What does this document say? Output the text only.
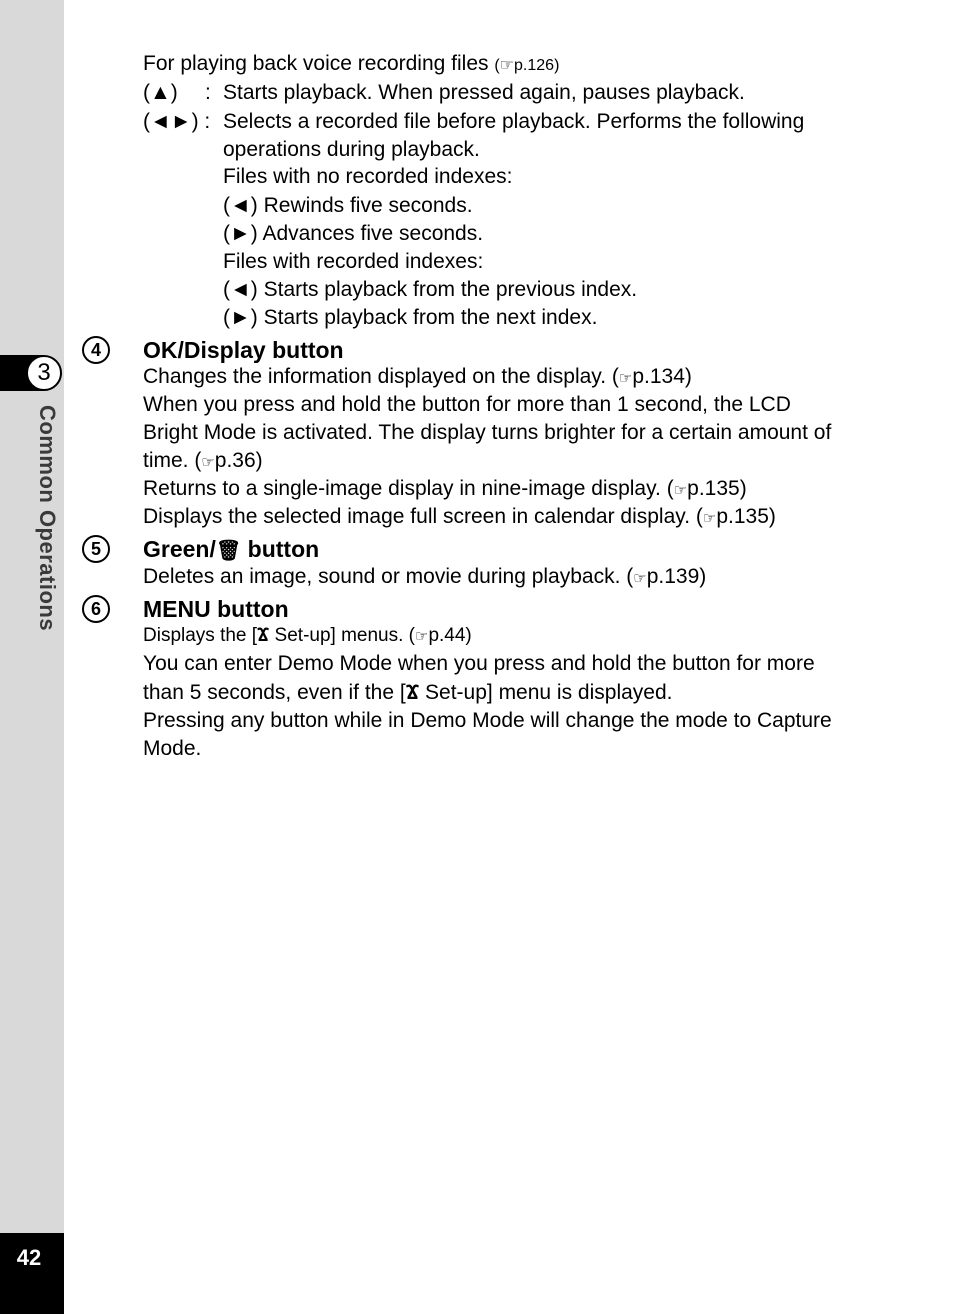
3
Common Operations
42
For playing back voice recording files (☞p.126)
(▲) : Starts playback. When pressed again, pauses playback.
(◄►) : Selects a recorded file before playback. Performs the following
operations during playback.
Files with no recorded indexes:
(◄) Rewinds five seconds.
(►) Advances five seconds.
Files with recorded indexes:
(◄) Starts playback from the previous index.
(►) Starts playback from the next index.
4	OK/Display button
Changes the information displayed on the display. (☞p.134)
When you press and hold the button for more than 1 second, the LCD
Bright Mode is activated. The display turns brighter for a certain amount of
time. (☞p.36)
Returns to a single-image display in nine-image display. (☞p.135)
Displays the selected image full screen in calendar display. (☞p.135)
5	Green/🗑 button
Deletes an image, sound or movie during playback. (☞p.139)
6	MENU button
Displays the [Ϫ Set-up] menus. (☞p.44)
You can enter Demo Mode when you press and hold the button for more
than 5 seconds, even if the [Ϫ Set-up] menu is displayed.
Pressing any button while in Demo Mode will change the mode to Capture
Mode.
